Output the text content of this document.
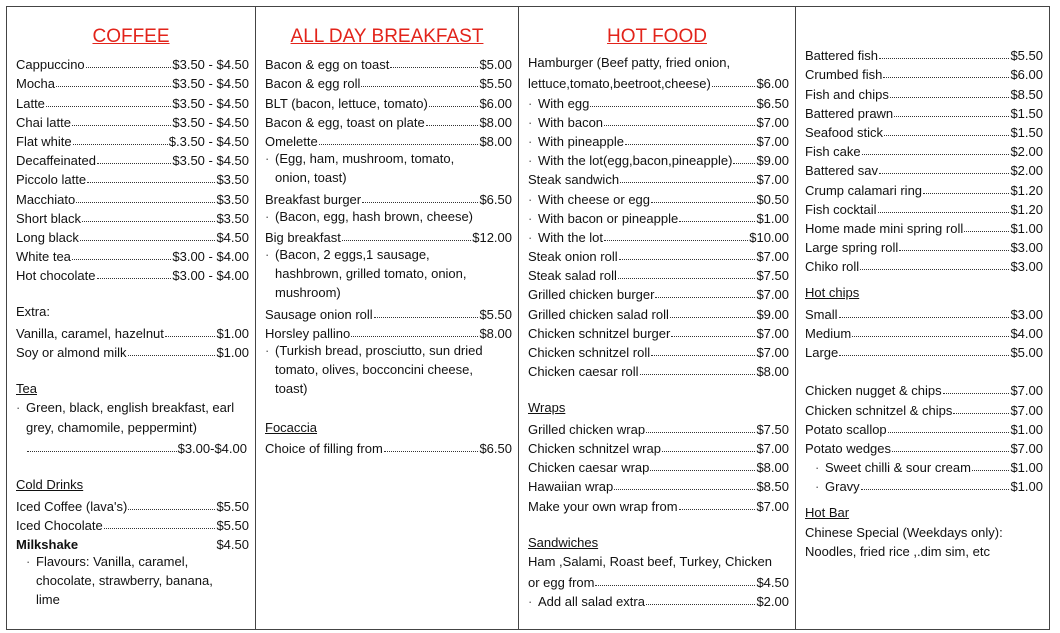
COFFEE
Cappuccino	$3.50 - $4.50
Mocha	$3.50 - $4.50
Latte	$3.50 - $4.50
Chai latte	$3.50 - $4.50
Flat white	$.3.50 - $4.50
Decaffeinated	$3.50 - $4.50
Piccolo latte	$3.50
Macchiato	$3.50
Short black	$3.50
Long black	$4.50
White tea	$3.00 - $4.00
Hot chocolate	$3.00 - $4.00
Extra:
Vanilla, caramel, hazelnut	$1.00
Soy or almond milk	$1.00
Tea
· Green, black, english breakfast, earl
grey, chamomile, peppermint)
$3.00-$4.00
Cold Drinks
Iced Coffee (lava's)	$5.50
Iced Chocolate	$5.50
Milkshake	$4.50
· Flavours: Vanilla, caramel,
chocolate, strawberry, banana,
lime
ALL DAY BREAKFAST
Bacon & egg on toast	$5.00
Bacon & egg roll	$5.50
BLT (bacon, lettuce, tomato)	$6.00
Bacon & egg, toast on plate	$8.00
Omelette	$8.00
· (Egg, ham, mushroom, tomato,
onion, toast)
Breakfast burger	$6.50
· (Bacon, egg, hash brown, cheese)
Big breakfast	$12.00
· (Bacon, 2 eggs,1 sausage,
hashbrown, grilled tomato, onion,
mushroom)
Sausage onion roll	$5.50
Horsley pallino	$8.00
· (Turkish bread, prosciutto, sun dried
tomato, olives, bocconcini cheese,
toast)
Focaccia
Choice of filling from	$6.50
HOT FOOD
Hamburger (Beef patty, fried onion,
lettuce,tomato,beetroot,cheese)	$6.00
· With egg	$6.50
· With bacon	$7.00
· With pineapple	$7.00
· With the lot(egg,bacon,pineapple) $9.00
Steak sandwich	$7.00
· With cheese or egg	$0.50
· With bacon or pineapple	$1.00
· With the lot	$10.00
Steak onion roll	$7.00
Steak salad roll	$7.50
Grilled chicken burger	$7.00
Grilled chicken salad roll	$9.00
Chicken schnitzel burger	$7.00
Chicken schnitzel roll	$7.00
Chicken caesar roll	$8.00
Wraps
Grilled chicken wrap	$7.50
Chicken schnitzel wrap	$7.00
Chicken caesar wrap	$8.00
Hawaiian wrap	$8.50
Make your own wrap from	$7.00
Sandwiches
Ham ,Salami, Roast beef, Turkey, Chicken
or egg from	$4.50
· Add all salad extra	$2.00
Battered fish	$5.50
Crumbed fish	$6.00
Fish and chips	$8.50
Battered prawn	$1.50
Seafood stick	$1.50
Fish cake	$2.00
Battered sav	$2.00
Crump calamari ring	$1.20
Fish cocktail	$1.20
Home made mini spring roll	$1.00
Large spring roll	$3.00
Chiko roll	$3.00
Hot chips
Small	$3.00
Medium	$4.00
Large	$5.00
Chicken nugget & chips	$7.00
Chicken schnitzel & chips	$7.00
Potato scallop	$1.00
Potato wedges	$7.00
· Sweet chilli & sour cream	$1.00
· Gravy	$1.00
Hot Bar
Chinese Special (Weekdays only):
Noodles, fried rice ,.dim sim, etc
